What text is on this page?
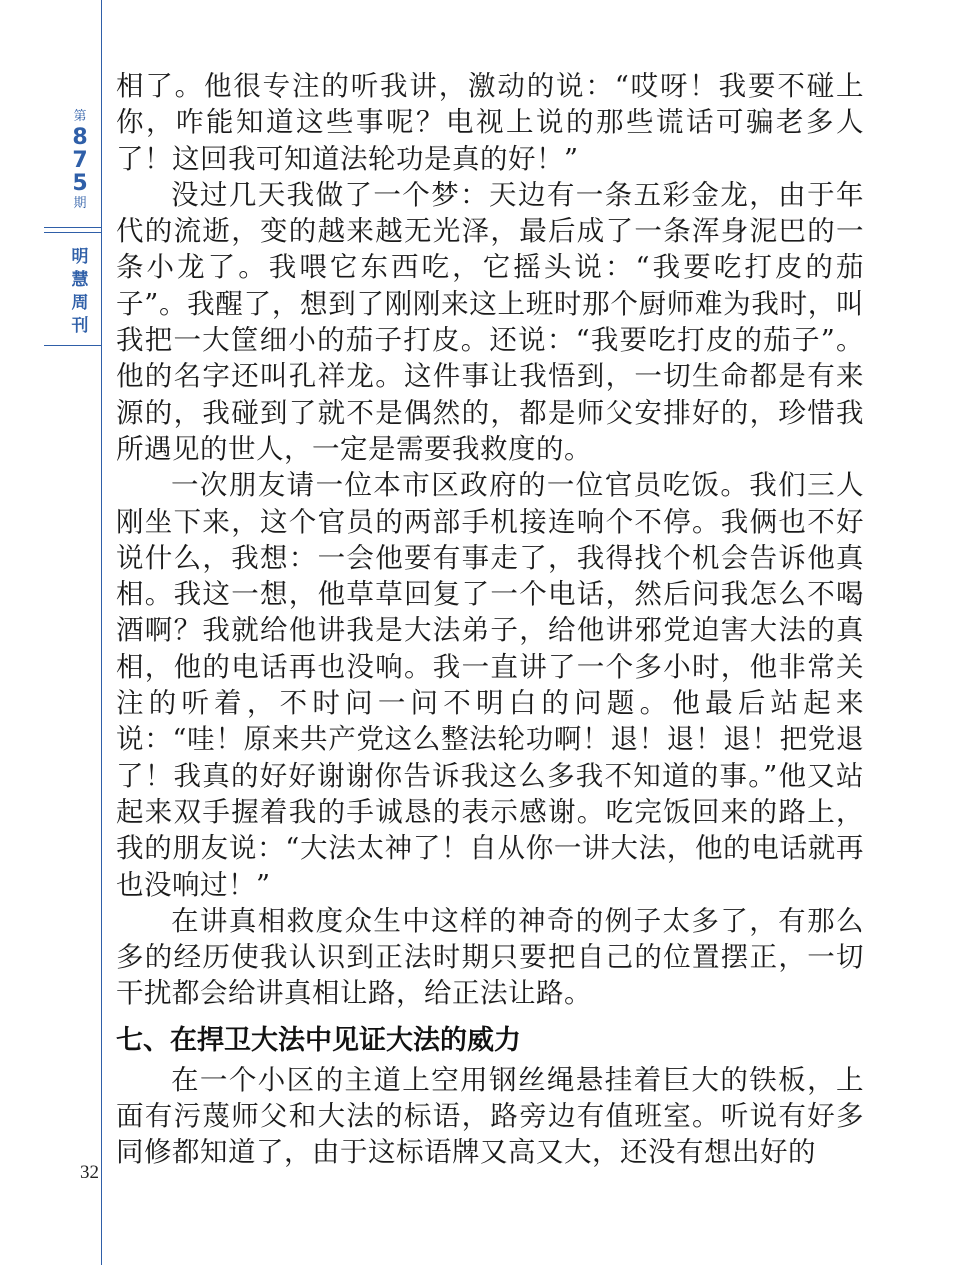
第
8
7
5
期
明
慧
周
刊
32

相了。他很专注的听我讲，激动的说：“哎呀！我要不碰上你，咋能知道这些事呢？电视上说的那些谎话可骗老多人了！这回我可知道法轮功是真的好！”

没过几天我做了一个梦：天边有一条五彩金龙，由于年代的流逝，变的越来越无光泽，最后成了一条浑身泥巴的一条小龙了。我喂它东西吃，它摇头说：“我要吃打皮的茄子”。我醒了，想到了刚刚来这上班时那个厨师难为我时，叫我把一大筐细小的茄子打皮。还说：“我要吃打皮的茄子”。他的名字还叫孔祥龙。这件事让我悟到，一切生命都是有来源的，我碰到了就不是偶然的，都是师父安排好的，珍惜我所遇见的世人，一定是需要我救度的。

一次朋友请一位本市区政府的一位官员吃饭。我们三人刚坐下来，这个官员的两部手机接连响个不停。我俩也不好说什么，我想：一会他要有事走了，我得找个机会告诉他真相。我这一想，他草草回复了一个电话，然后问我怎么不喝酒啊？我就给他讲我是大法弟子，给他讲邪党迫害大法的真相，他的电话再也没响。我一直讲了一个多小时，他非常关注的听着，不时问一问不明白的问题。他最后站起来说：“哇！原来共产党这么整法轮功啊！退！退！退！把党退了！我真的好好谢谢你告诉我这么多我不知道的事。”他又站起来双手握着我的手诚恳的表示感谢。吃完饭回来的路上，我的朋友说：“大法太神了！自从你一讲大法，他的电话就再也没响过！”

在讲真相救度众生中这样的神奇的例子太多了，有那么多的经历使我认识到正法时期只要把自己的位置摆正，一切干扰都会给讲真相让路，给正法让路。

七、在捍卫大法中见证大法的威力

在一个小区的主道上空用钢丝绳悬挂着巨大的铁板，上面有污蔑师父和大法的标语，路旁边有值班室。听说有好多同修都知道了，由于这标语牌又高又大，还没有想出好的
